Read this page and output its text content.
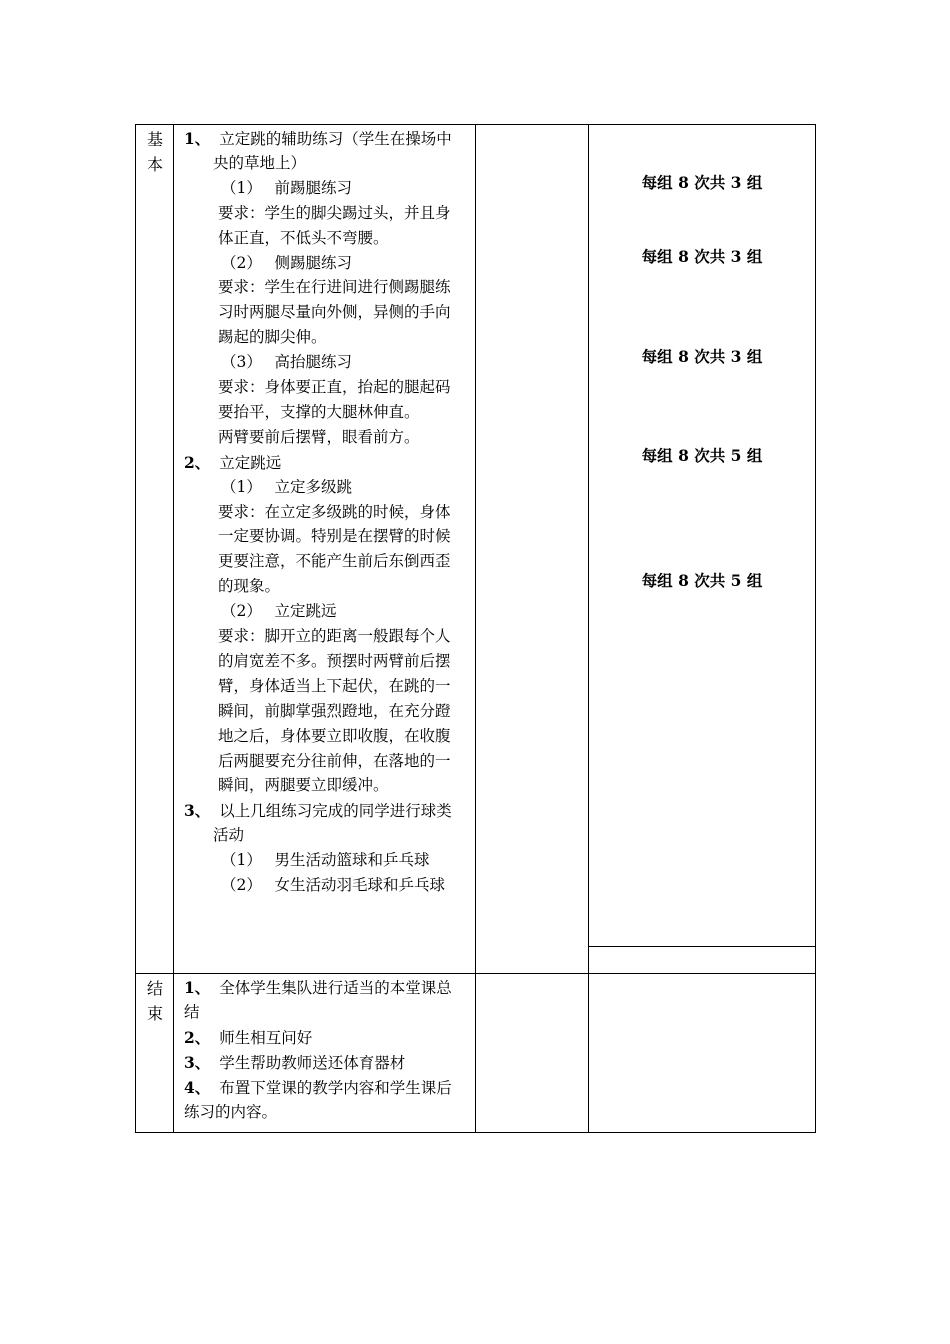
基
本
1、 立定跳的辅助练习（学生在操场中
央的草地上）
（1）　 前踢腿练习
要求：学生的脚尖踢过头，并且身
体正直，不低头不弯腰。
（2）　 侧踢腿练习
要求：学生在行进间进行侧踢腿练
习时两腿尽量向外侧，异侧的手向
踢起的脚尖伸。
（3）　 高抬腿练习
要求：身体要正直，抬起的腿起码
要抬平，支撑的大腿林伸直。
两臂要前后摆臂，眼看前方。
2、 立定跳远
（1）　 立定多级跳
要求：在立定多级跳的时候，身体
一定要协调。特别是在摆臂的时候
更要注意，不能产生前后东倒西歪
的现象。
（2）　 立定跳远
要求：脚开立的距离一般跟每个人
的肩宽差不多。预摆时两臂前后摆
臂，身体适当上下起伏，在跳的一
瞬间，前脚掌强烈蹬地，在充分蹬
地之后，身体要立即收腹，在收腹
后两腿要充分往前伸，在落地的一
瞬间，两腿要立即缓冲。
3、 以上几组练习完成的同学进行球类
活动
（1）　 男生活动篮球和乒乓球
（2）　 女生活动羽毛球和乒乓球
每组 8 次共 3 组
每组 8 次共 3 组
每组 8 次共 3 组
每组 8 次共 5 组
每组 8 次共 5 组
结
束
1、 全体学生集队进行适当的本堂课总
结
2、 师生相互问好
3、 学生帮助教师送还体育器材
4、 布置下堂课的教学内容和学生课后
练习的内容。
